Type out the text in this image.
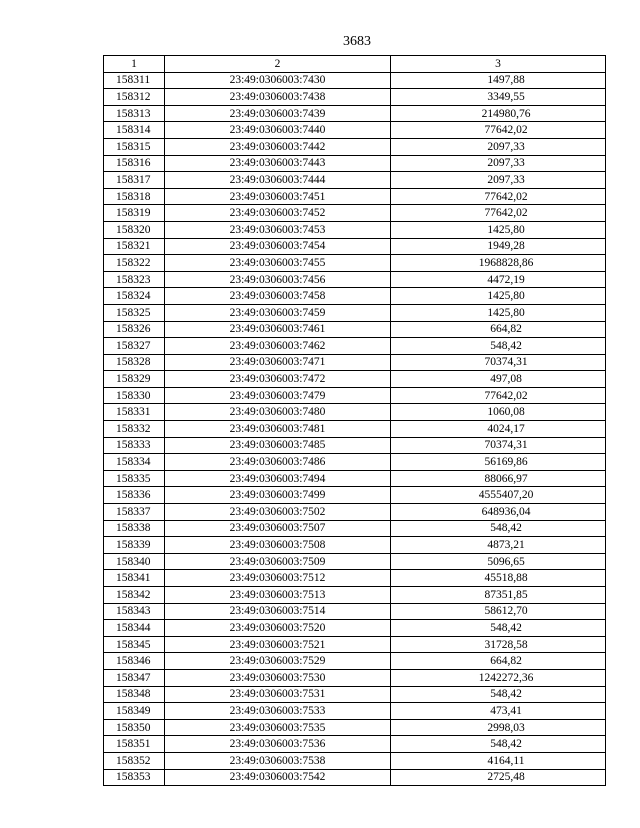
3683
1	2	3
158311	23:49:0306003:7430	1497,88
158312	23:49:0306003:7438	3349,55
158313	23:49:0306003:7439	214980,76
158314	23:49:0306003:7440	77642,02
158315	23:49:0306003:7442	2097,33
158316	23:49:0306003:7443	2097,33
158317	23:49:0306003:7444	2097,33
158318	23:49:0306003:7451	77642,02
158319	23:49:0306003:7452	77642,02
158320	23:49:0306003:7453	1425,80
158321	23:49:0306003:7454	1949,28
158322	23:49:0306003:7455	1968828,86
158323	23:49:0306003:7456	4472,19
158324	23:49:0306003:7458	1425,80
158325	23:49:0306003:7459	1425,80
158326	23:49:0306003:7461	664,82
158327	23:49:0306003:7462	548,42
158328	23:49:0306003:7471	70374,31
158329	23:49:0306003:7472	497,08
158330	23:49:0306003:7479	77642,02
158331	23:49:0306003:7480	1060,08
158332	23:49:0306003:7481	4024,17
158333	23:49:0306003:7485	70374,31
158334	23:49:0306003:7486	56169,86
158335	23:49:0306003:7494	88066,97
158336	23:49:0306003:7499	4555407,20
158337	23:49:0306003:7502	648936,04
158338	23:49:0306003:7507	548,42
158339	23:49:0306003:7508	4873,21
158340	23:49:0306003:7509	5096,65
158341	23:49:0306003:7512	45518,88
158342	23:49:0306003:7513	87351,85
158343	23:49:0306003:7514	58612,70
158344	23:49:0306003:7520	548,42
158345	23:49:0306003:7521	31728,58
158346	23:49:0306003:7529	664,82
158347	23:49:0306003:7530	1242272,36
158348	23:49:0306003:7531	548,42
158349	23:49:0306003:7533	473,41
158350	23:49:0306003:7535	2998,03
158351	23:49:0306003:7536	548,42
158352	23:49:0306003:7538	4164,11
158353	23:49:0306003:7542	2725,48
